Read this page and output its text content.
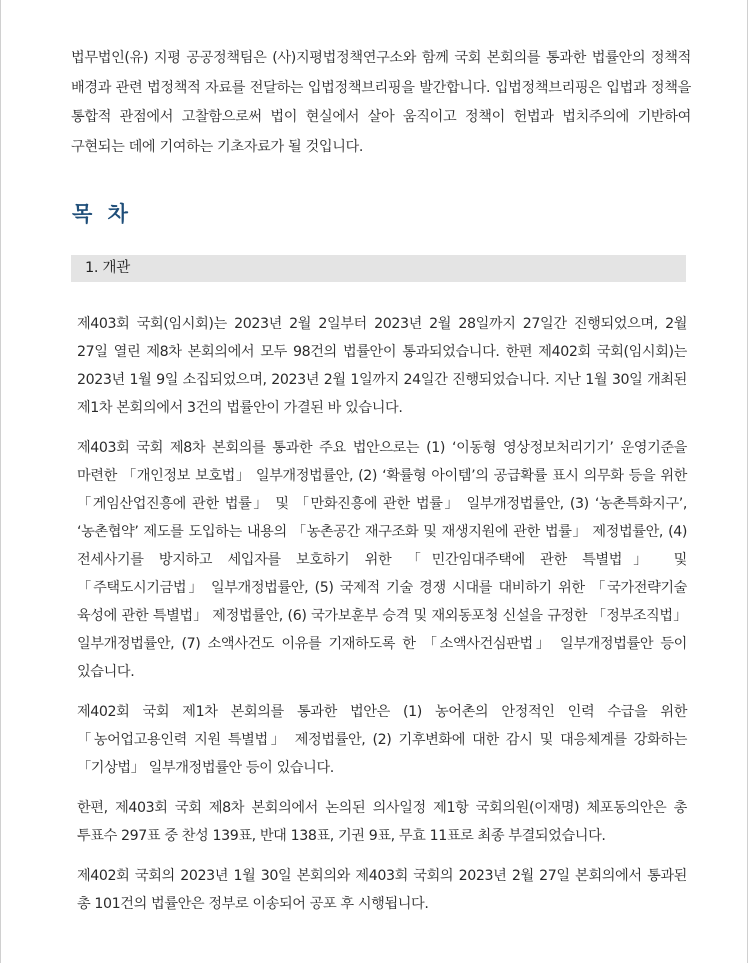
법무법인(유) 지평 공공정책팀은 (사)지평법정책연구소와 함께 국회 본회의를 통과한 법률안의 정책적 배경과 관련 법정책적 자료를 전달하는 입법정책브리핑을 발간합니다. 입법정책브리핑은 입법과 정책을 통합적 관점에서 고찰함으로써 법이 현실에서 살아 움직이고 정책이 헌법과 법치주의에 기반하여 구현되는 데에 기여하는 기초자료가 될 것입니다.

목 차
1. 개관

제403회 국회(임시회)는 2023년 2월 2일부터 2023년 2월 28일까지 27일간 진행되었으며, 2월 27일 열린 제8차 본회의에서 모두 98건의 법률안이 통과되었습니다. 한편 제402회 국회(임시회)는 2023년 1월 9일 소집되었으며, 2023년 2월 1일까지 24일간 진행되었습니다. 지난 1월 30일 개최된 제1차 본회의에서 3건의 법률안이 가결된 바 있습니다.

제403회 국회 제8차 본회의를 통과한 주요 법안으로는 (1) ‘이동형 영상정보처리기기’ 운영기준을 마련한 「개인정보 보호법」 일부개정법률안, (2) ‘확률형 아이템’의 공급확률 표시 의무화 등을 위한 「게임산업진흥에 관한 법률」 및 「만화진흥에 관한 법률」 일부개정법률안, (3) ‘농촌특화지구’, ‘농촌협약’ 제도를 도입하는 내용의 「농촌공간 재구조화 및 재생지원에 관한 법률」 제정법률안, (4) 전세사기를 방지하고 세입자를 보호하기 위한 「민간임대주택에 관한 특별법」 및 「주택도시기금법」 일부개정법률안, (5) 국제적 기술 경쟁 시대를 대비하기 위한 「국가전략기술 육성에 관한 특별법」 제정법률안, (6) 국가보훈부 승격 및 재외동포청 신설을 규정한 「정부조직법」 일부개정법률안, (7) 소액사건도 이유를 기재하도록 한 「소액사건심판법」 일부개정법률안 등이 있습니다.

제402회 국회 제1차 본회의를 통과한 법안은 (1) 농어촌의 안정적인 인력 수급을 위한 「농어업고용인력 지원 특별법」 제정법률안, (2) 기후변화에 대한 감시 및 대응체계를 강화하는 「기상법」 일부개정법률안 등이 있습니다.

한편, 제403회 국회 제8차 본회의에서 논의된 의사일정 제1항 국회의원(이재명) 체포동의안은 총 투표수 297표 중 찬성 139표, 반대 138표, 기권 9표, 무효 11표로 최종 부결되었습니다.

제402회 국회의 2023년 1월 30일 본회의와 제403회 국회의 2023년 2월 27일 본회의에서 통과된 총 101건의 법률안은 정부로 이송되어 공포 후 시행됩니다.
